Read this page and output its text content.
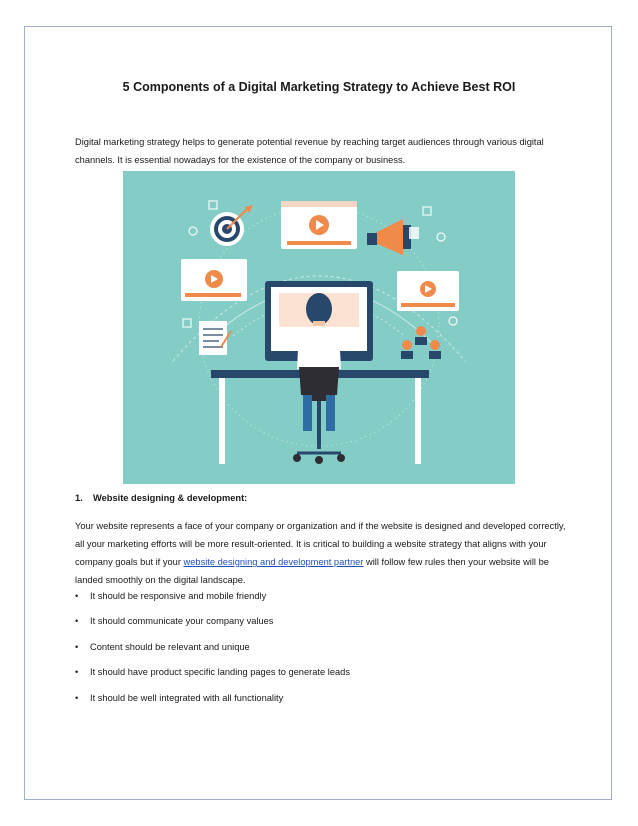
5 Components of a Digital Marketing Strategy to Achieve Best ROI

Digital marketing strategy helps to generate potential revenue by reaching target audiences through various digital channels. It is essential nowadays for the existence of the company or business.

1. Website designing & development:

Your website represents a face of your company or organization and if the website is designed and developed correctly, all your marketing efforts will be more result-oriented. It is critical to building a website strategy that aligns with your company goals but if your website designing and development partner will follow few rules then your website will be landed smoothly on the digital landscape.

• It should be responsive and mobile friendly
• It should communicate your company values
• Content should be relevant and unique
• It should have product specific landing pages to generate leads
• It should be well integrated with all functionality
